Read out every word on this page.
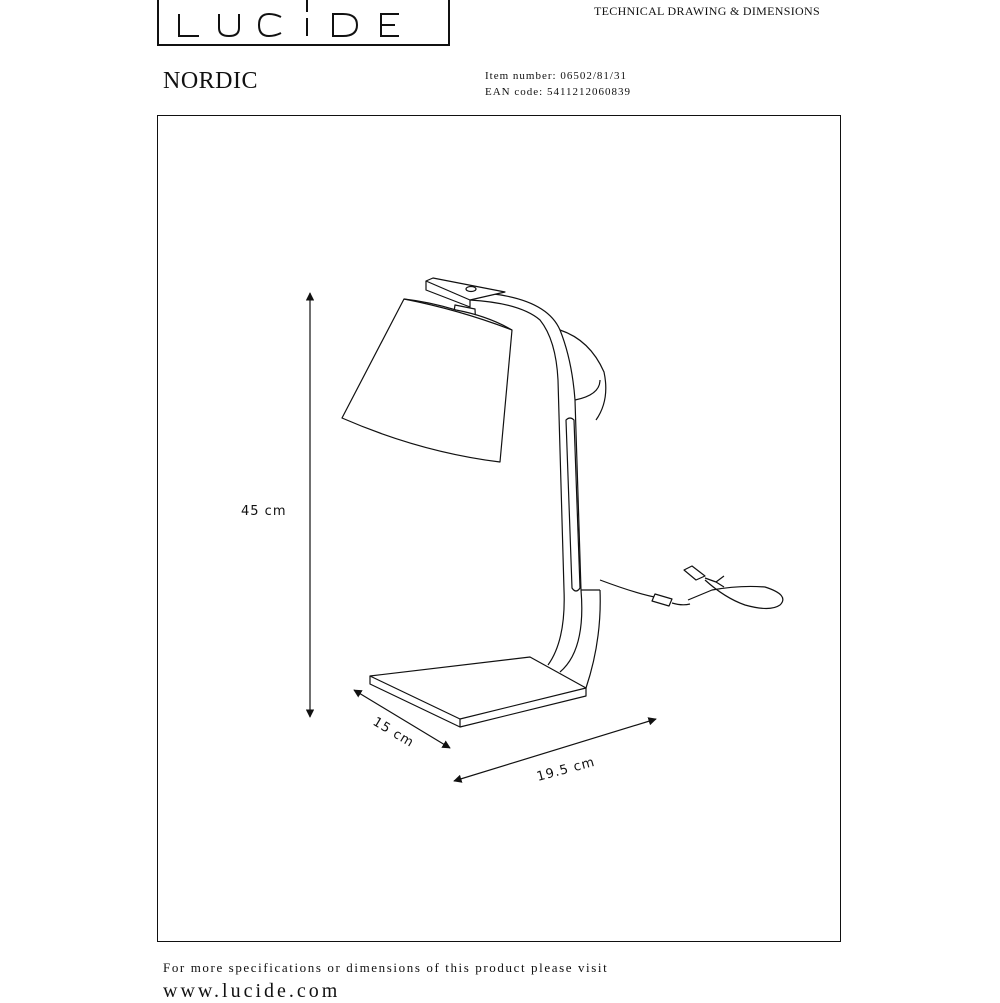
TECHNICAL DRAWING & DIMENSIONS
NORDIC	Item number: 06502/81/31
EAN code: 5411212060839
45 cm
15 cm
19.5 cm
For more specifications or dimensions of this product please visit
www.lucide.com
